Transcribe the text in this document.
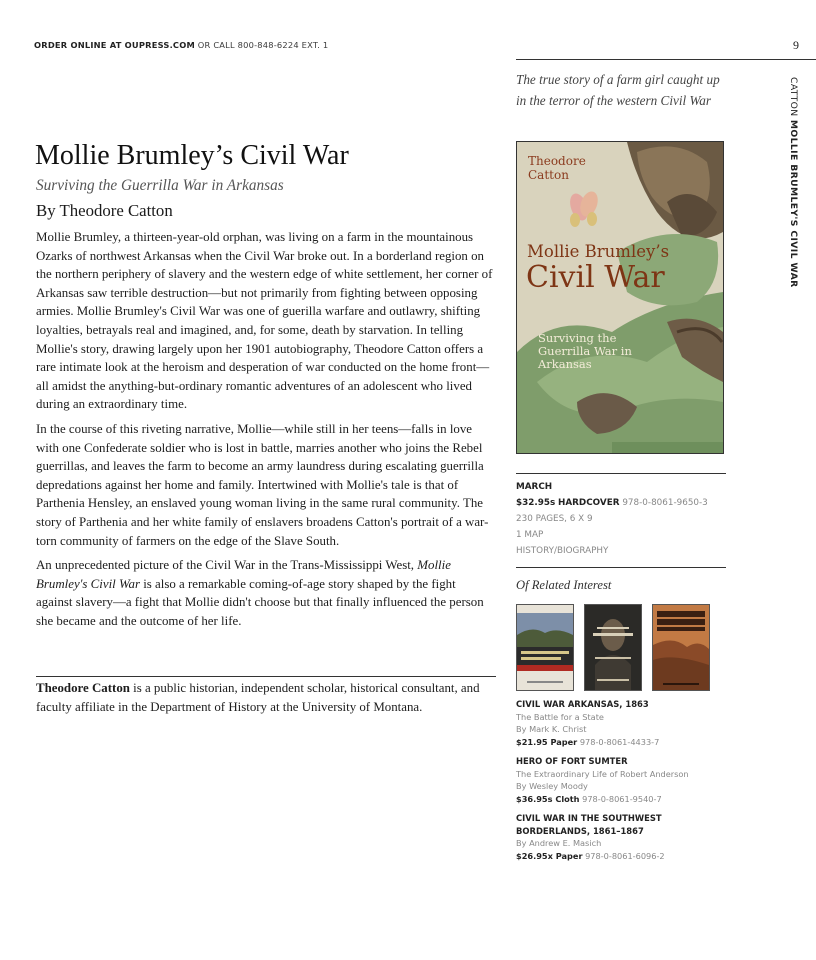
ORDER ONLINE AT OUPRESS.COM OR CALL 800-848-6224 EXT. 1	9
The true story of a farm girl caught up in the terror of the western Civil War	CATTON MOLLIE BRUMLEY'S CIVIL WAR
Mollie Brumley’s Civil War
Surviving the Guerrilla War in Arkansas
By Theodore Catton

Mollie Brumley, a thirteen-year-old orphan, was living on a farm in the mountainous Ozarks of northwest Arkansas when the Civil War broke out. In a borderland region on the northern periphery of slavery and the western edge of white settlement, her corner of Arkansas saw terrible destruction—but not primarily from fighting between opposing armies. Mollie Brumley's Civil War was one of guerilla warfare and outlawry, shifting loyalties, betrayals real and imagined, and, for some, death by starvation. In telling Mollie's story, drawing largely upon her 1901 autobiography, Theodore Catton offers a rare intimate look at the heroism and desperation of war conducted on the home front—all amidst the anything-but-ordinary romantic adventures of an adolescent who lived during an extraordinary time.

In the course of this riveting narrative, Mollie—while still in her teens—falls in love with one Confederate soldier who is lost in battle, marries another who joins the Rebel guerrillas, and leaves the farm to become an army laundress during escalating guerrilla depredations against her home and family. Intertwined with Mollie's tale is that of Parthenia Hensley, an enslaved young woman living in the same rural community. The story of Parthenia and her white family of enslavers broadens Catton's portrait of a war-torn community of farmers on the edge of the Slave South.

An unprecedented picture of the Civil War in the Trans-Mississippi West, Mollie Brumley's Civil War is also a remarkable coming-of-age story shaped by the fight against slavery—a fight that Mollie didn't choose but that finally influenced the person she became and the outcome of her life.

Theodore Catton is a public historian, independent scholar, historical consultant, and faculty affiliate in the Department of History at the University of Montana.
Theodore Catton
Mollie Brumley’s
Civil War
Surviving the Guerrilla War in Arkansas
MARCH
$32.95s HARDCOVER 978-0-8061-9650-3
230 PAGES, 6 X 9
1 MAP
HISTORY/BIOGRAPHY
Of Related Interest
CIVIL WAR ARKANSAS, 1863
The Battle for a State
By Mark K. Christ
$21.95 Paper 978-0-8061-4433-7
HERO OF FORT SUMTER
The Extraordinary Life of Robert Anderson
By Wesley Moody
$36.95s Cloth 978-0-8061-9540-7
CIVIL WAR IN THE SOUTHWEST
BORDERLANDS, 1861–1867
By Andrew E. Masich
$26.95x Paper 978-0-8061-6096-2
